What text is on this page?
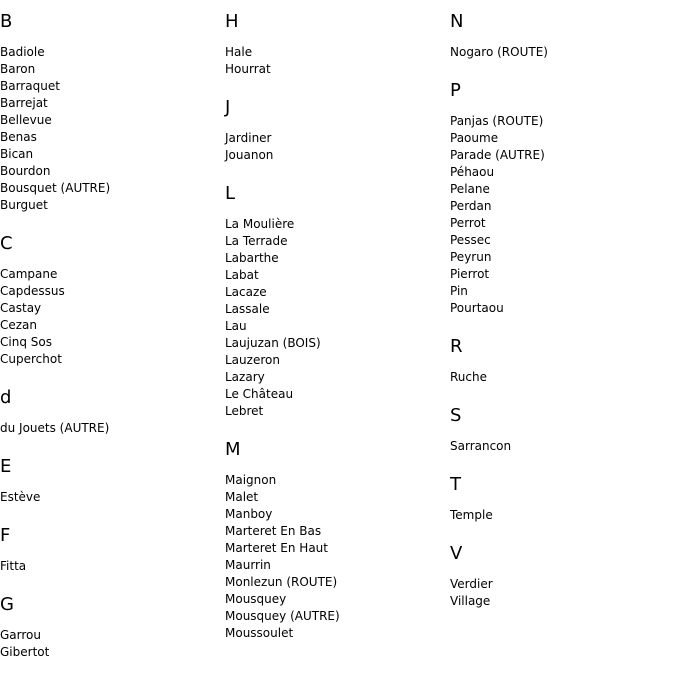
B
Badiole
Baron
Barraquet
Barrejat
Bellevue
Benas
Bican
Bourdon
Bousquet (AUTRE)
Burguet
C
Campane
Capdessus
Castay
Cezan
Cinq Sos
Cuperchot
d
du Jouets (AUTRE)
E
Estève
F
Fitta
G
Garrou
Gibertot
H
Hale
Hourrat
J
Jardiner
Jouanon
L
La Moulière
La Terrade
Labarthe
Labat
Lacaze
Lassale
Lau
Laujuzan (BOIS)
Lauzeron
Lazary
Le Château
Lebret
M
Maignon
Malet
Manboy
Marteret En Bas
Marteret En Haut
Maurrin
Monlezun (ROUTE)
Mousquey
Mousquey (AUTRE)
Moussoulet
N
Nogaro (ROUTE)
P
Panjas (ROUTE)
Paoume
Parade (AUTRE)
Péhaou
Pelane
Perdan
Perrot
Pessec
Peyrun
Pierrot
Pin
Pourtaou
R
Ruche
S
Sarrancon
T
Temple
V
Verdier
Village
